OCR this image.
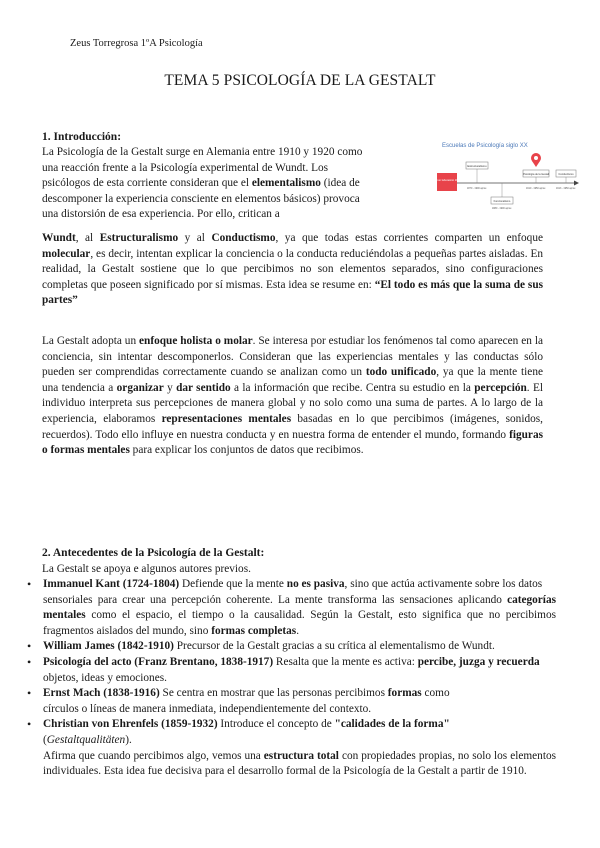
Zeus Torregrosa 1ºA Psicología
TEMA 5 PSICOLOGÍA DE LA GESTALT
1. Introducción:
Escuelas de Psicología siglo XX
Primer laboratorio 1879
Estructuralismo
1870 - 1900 aprox.
Psicología de la Gestalt
1910 - 1950 aprox.
Conductismo
1913 - 1950 aprox.
Funcionalismo
1880 - 1900 aprox.
La Psicología de la Gestalt surge en Alemania entre 1910 y 1920 como
una reacción frente a la Psicología experimental de Wundt. Los
psicólogos de esta corriente consideran que el elementalismo (idea de
descomponer la experiencia consciente en elementos básicos) provoca
una distorsión de esa experiencia. Por ello, critican a
Wundt, al Estructuralismo y al Conductismo, ya que todas estas corrientes comparten un enfoque molecular, es decir, intentan explicar la conciencia o la conducta reduciéndolas a pequeñas partes aisladas. En realidad, la Gestalt sostiene que lo que percibimos no son elementos separados, sino configuraciones completas que poseen significado por sí mismas. Esta idea se resume en: “El todo es más que la suma de sus partes”
La Gestalt adopta un enfoque holista o molar. Se interesa por estudiar los fenómenos tal como aparecen en la conciencia, sin intentar descomponerlos. Consideran que las experiencias mentales y las conductas sólo pueden ser comprendidas correctamente cuando se analizan como un todo unificado, ya que la mente tiene una tendencia a organizar y dar sentido a la información que recibe. Centra su estudio en la percepción. El individuo interpreta sus percepciones de manera global y no solo como una suma de partes. A lo largo de la experiencia, elaboramos representaciones mentales basadas en lo que percibimos (imágenes, sonidos, recuerdos). Todo ello influye en nuestra conducta y en nuestra forma de entender el mundo, formando figuras o formas mentales para explicar los conjuntos de datos que recibimos.
2. Antecedentes de la Psicología de la Gestalt:
La Gestalt se apoya e algunos autores previos.
• Immanuel Kant (1724-1804) Defiende que la mente no es pasiva, sino que actúa activamente sobre los datos
sensoriales para crear una percepción coherente. La mente transforma las sensaciones aplicando categorías mentales como el espacio, el tiempo o la causalidad. Según la Gestalt, esto significa que no percibimos fragmentos aislados del mundo, sino formas completas.
• William James (1842-1910) Precursor de la Gestalt gracias a su crítica al elementalismo de Wundt.
• Psicología del acto (Franz Brentano, 1838-1917) Resalta que la mente es activa: percibe, juzga y recuerda
objetos, ideas y emociones.
• Ernst Mach (1838-1916) Se centra en mostrar que las personas percibimos formas como
círculos o líneas de manera inmediata, independientemente del contexto.
• Christian von Ehrenfels (1859-1932) Introduce el concepto de "calidades de la forma"
(Gestaltqualitäten).
Afirma que cuando percibimos algo, vemos una estructura total con propiedades propias, no solo los elementos individuales. Esta idea fue decisiva para el desarrollo formal de la Psicología de la Gestalt a partir de 1910.
